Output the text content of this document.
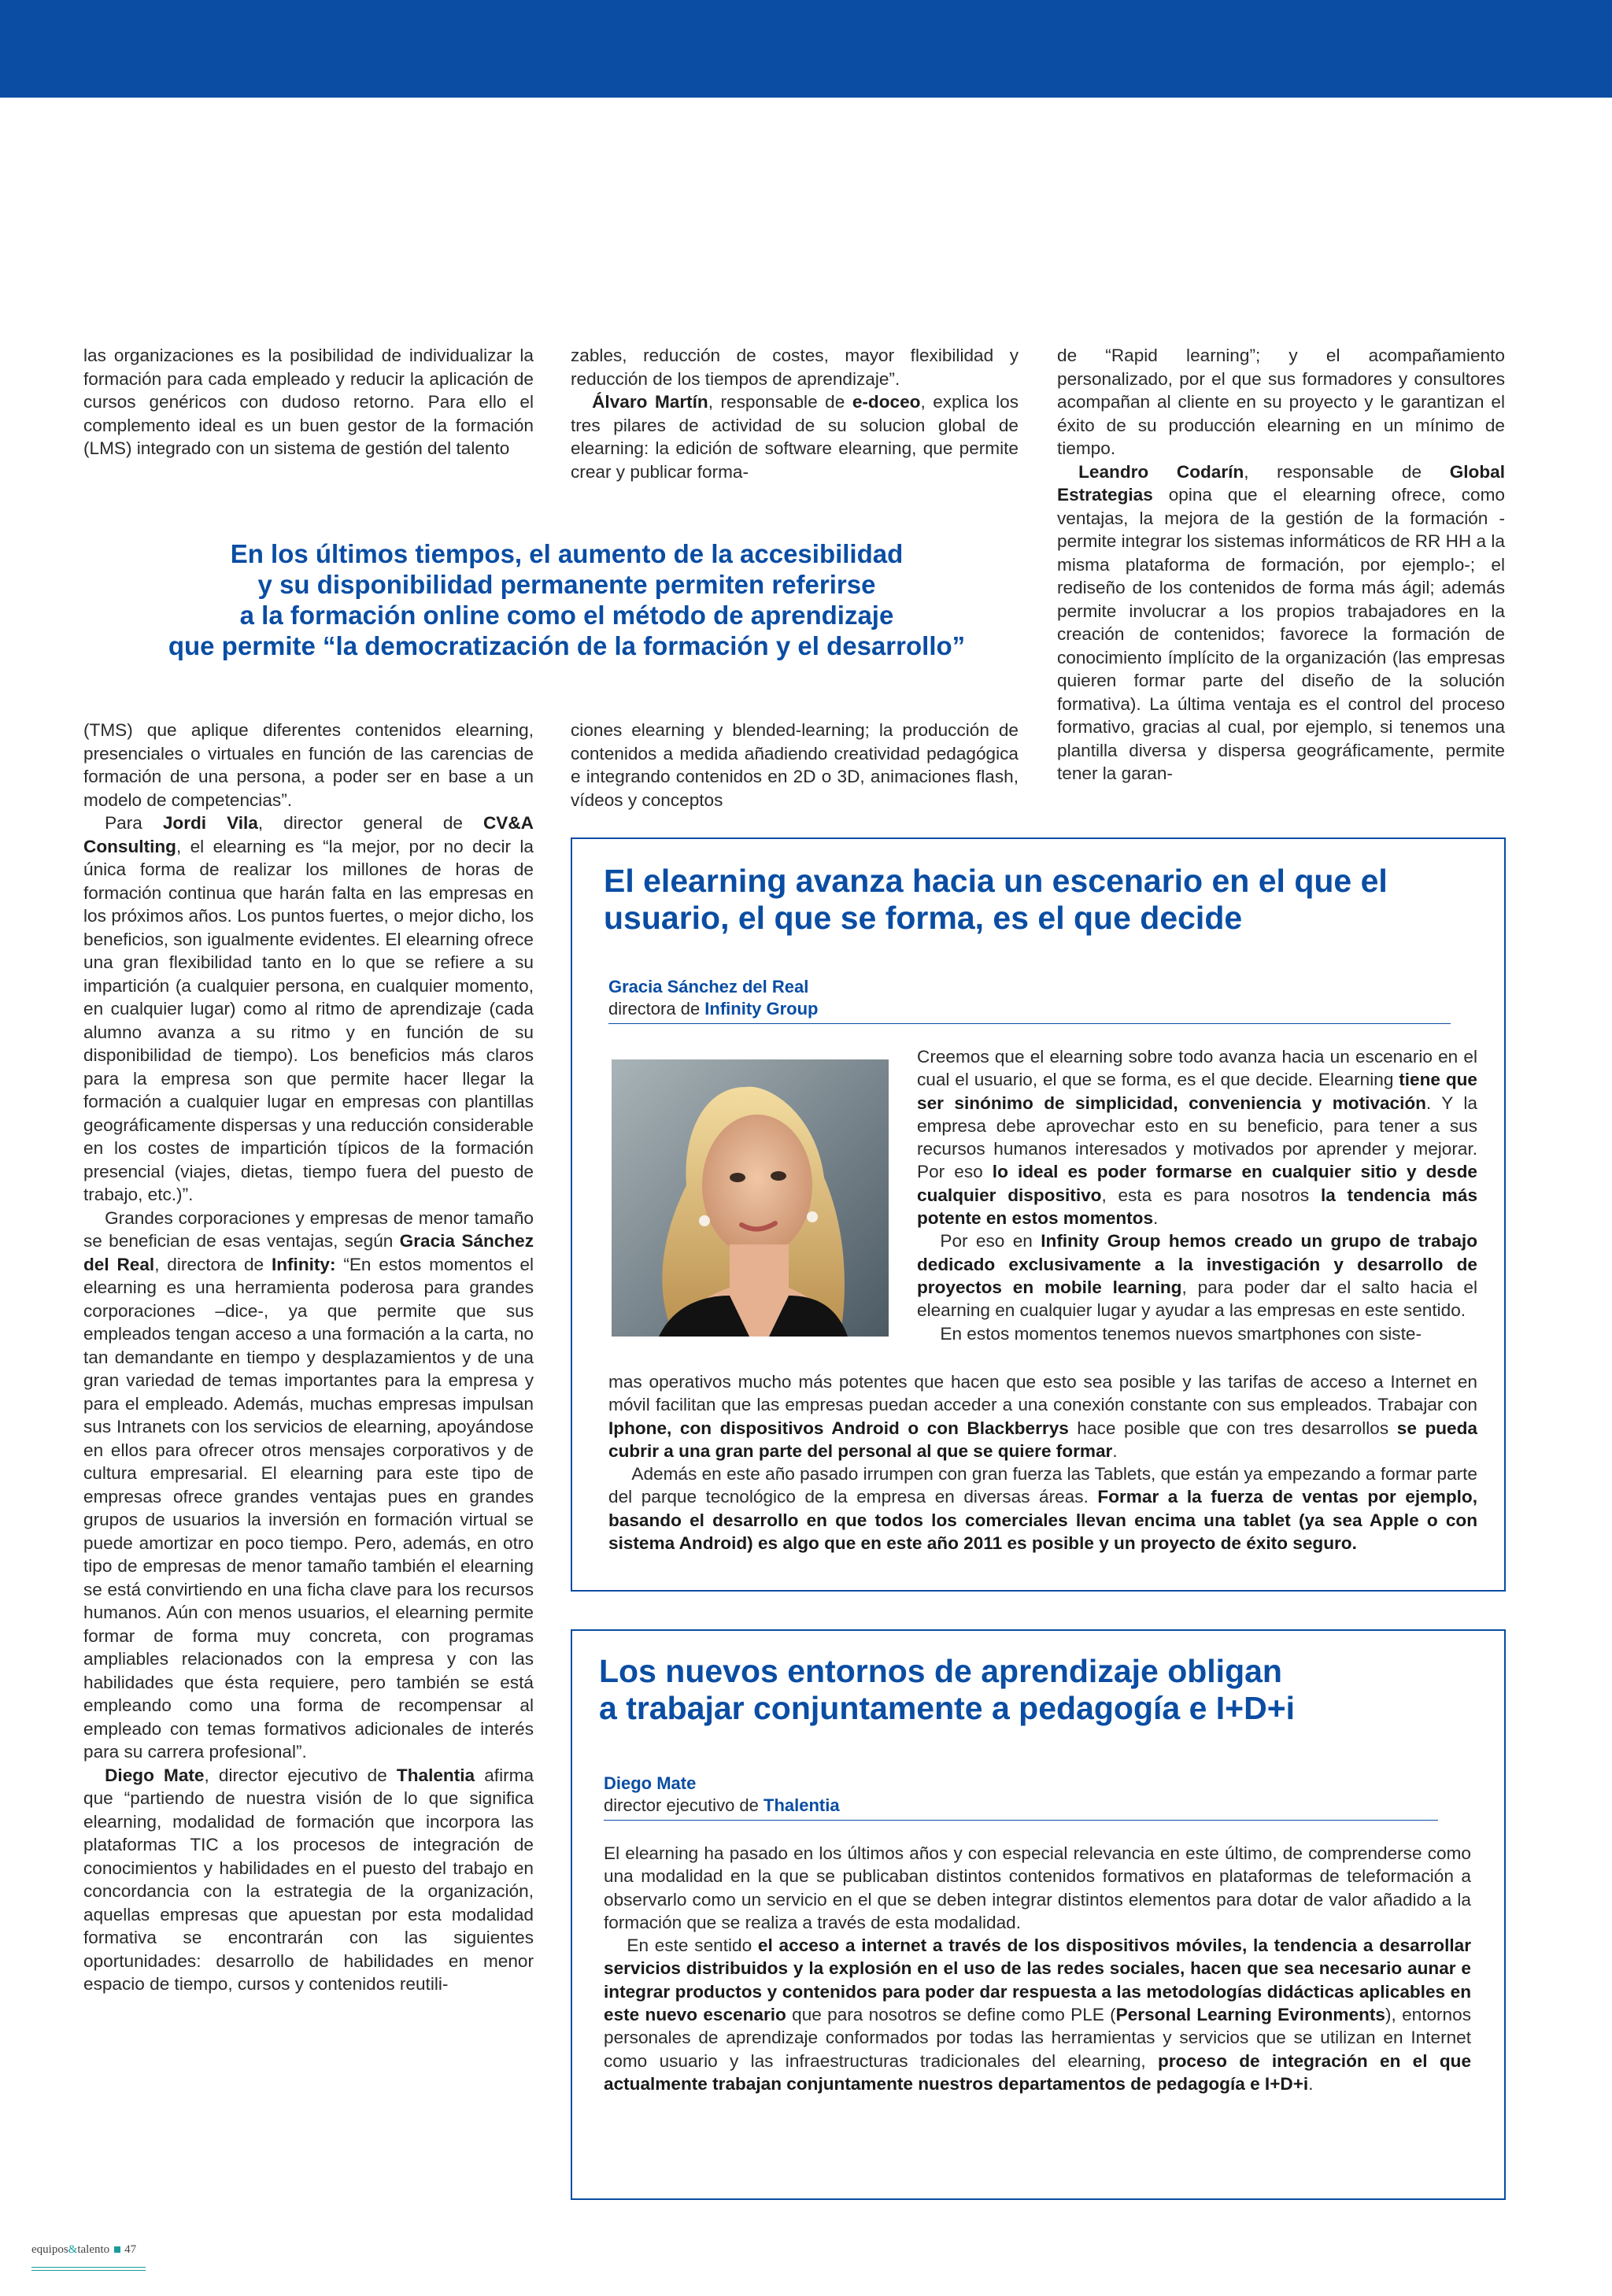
las organizaciones es la posibilidad de individualizar la formación para cada empleado y reducir la aplicación de cursos genéricos con dudoso retorno. Para ello el complemento ideal es un buen gestor de la formación (LMS) integrado con un sistema de gestión del talento

zables, reducción de costes, mayor flexibilidad y reducción de los tiempos de aprendizaje”.

Álvaro Martín, responsable de e-doceo, explica los tres pilares de actividad de su solucion global de elearning: la edición de software elearning, que permite crear y publicar forma-

de “Rapid learning”; y el acompañamiento personalizado, por el que sus formadores y consultores acompañan al cliente en su proyecto y le garantizan el éxito de su producción elearning en un mínimo de tiempo.

Leandro Codarín, responsable de Global Estrategias opina que el elearning ofrece, como ventajas, la mejora de la gestión de la formación -permite integrar los sistemas informáticos de RR HH a la misma plataforma de formación, por ejemplo-; el rediseño de los contenidos de forma más ágil; además permite involucrar a los propios trabajadores en la creación de contenidos; favorece la formación de conocimiento ímplícito de la organización (las empresas quieren formar parte del diseño de la solución formativa). La última ventaja es el control del proceso formativo, gracias al cual, por ejemplo, si tenemos una plantilla diversa y dispersa geográficamente, permite tener la garan-

En los últimos tiempos, el aumento de la accesibilidad
y su disponibilidad permanente permiten referirse
a la formación online como el método de aprendizaje
que permite “la democratización de la formación y el desarrollo”

(TMS) que aplique diferentes contenidos elearning, presenciales o virtuales en función de las carencias de formación de una persona, a poder ser en base a un modelo de competencias”.

Para Jordi Vila, director general de CV&A Consulting, el elearning es “la mejor, por no decir la única forma de realizar los millones de horas de formación continua que harán falta en las empresas en los próximos años. Los puntos fuertes, o mejor dicho, los beneficios, son igualmente evidentes. El elearning ofrece una gran flexibilidad tanto en lo que se refiere a su impartición (a cualquier persona, en cualquier momento, en cualquier lugar) como al ritmo de aprendizaje (cada alumno avanza a su ritmo y en función de su disponibilidad de tiempo). Los beneficios más claros para la empresa son que permite hacer llegar la formación a cualquier lugar en empresas con plantillas geográficamente dispersas y una reducción considerable en los costes de impartición típicos de la formación presencial (viajes, dietas, tiempo fuera del puesto de trabajo, etc.)”.

Grandes corporaciones y empresas de menor tamaño se benefician de esas ventajas, según Gracia Sánchez del Real, directora de Infinity: “En estos momentos el elearning es una herramienta poderosa para grandes corporaciones –dice-, ya que permite que sus empleados tengan acceso a una formación a la carta, no tan demandante en tiempo y desplazamientos y de una gran variedad de temas importantes para la empresa y para el empleado. Además, muchas empresas impulsan sus Intranets con los servicios de elearning, apoyándose en ellos para ofrecer otros mensajes corporativos y de cultura empresarial. El elearning para este tipo de empresas ofrece grandes ventajas pues en grandes grupos de usuarios la inversión en formación virtual se puede amortizar en poco tiempo. Pero, además, en otro tipo de empresas de menor tamaño también el elearning se está convirtiendo en una ficha clave para los recursos humanos. Aún con menos usuarios, el elearning permite formar de forma muy concreta, con programas ampliables relacionados con la empresa y con las habilidades que ésta requiere, pero también se está empleando como una forma de recompensar al empleado con temas formativos adicionales de interés para su carrera profesional”.

Diego Mate, director ejecutivo de Thalentia afirma que “partiendo de nuestra visión de lo que significa elearning, modalidad de formación que incorpora las plataformas TIC a los procesos de integración de conocimientos y habilidades en el puesto del trabajo en concordancia con la estrategia de la organización, aquellas empresas que apuestan por esta modalidad formativa se encontrarán con las siguientes oportunidades: desarrollo de habilidades en menor espacio de tiempo, cursos y contenidos reutili-

ciones elearning y blended-learning; la producción de contenidos a medida añadiendo creatividad pedagógica e integrando contenidos en 2D o 3D, animaciones flash, vídeos y conceptos

El elearning avanza hacia un escenario en el que el
usuario, el que se forma, es el que decide
Gracia Sánchez del Real
directora de Infinity Group

Creemos que el elearning sobre todo avanza hacia un escenario en el cual el usuario, el que se forma, es el que decide. Elearning tiene que ser sinónimo de simplicidad, conveniencia y motivación. Y la empresa debe aprovechar esto en su beneficio, para tener a sus recursos humanos interesados y motivados por aprender y mejorar. Por eso lo ideal es poder formarse en cualquier sitio y desde cualquier dispositivo, esta es para nosotros la tendencia más potente en estos momentos.

Por eso en Infinity Group hemos creado un grupo de trabajo dedicado exclusivamente a la investigación y desarrollo de proyectos en mobile learning, para poder dar el salto hacia el elearning en cualquier lugar y ayudar a las empresas en este sentido.

En estos momentos tenemos nuevos smartphones con siste-

mas operativos mucho más potentes que hacen que esto sea posible y las tarifas de acceso a Internet en móvil facilitan que las empresas puedan acceder a una conexión constante con sus empleados. Trabajar con Iphone, con dispositivos Android o con Blackberrys hace posible que con tres desarrollos se pueda cubrir a una gran parte del personal al que se quiere formar.

Además en este año pasado irrumpen con gran fuerza las Tablets, que están ya empezando a formar parte del parque tecnológico de la empresa en diversas áreas. Formar a la fuerza de ventas por ejemplo, basando el desarrollo en que todos los comerciales llevan encima una tablet (ya sea Apple o con sistema Android) es algo que en este año 2011 es posible y un proyecto de éxito seguro.

Los nuevos entornos de aprendizaje obligan
a trabajar conjuntamente a pedagogía e I+D+i
Diego Mate
director ejecutivo de Thalentia

El elearning ha pasado en los últimos años y con especial relevancia en este último, de comprenderse como una modalidad en la que se publicaban distintos contenidos formativos en plataformas de teleformación a observarlo como un servicio en el que se deben integrar distintos elementos para dotar de valor añadido a la formación que se realiza a través de esta modalidad.

En este sentido el acceso a internet a través de los dispositivos móviles, la tendencia a desarrollar servicios distribuidos y la explosión en el uso de las redes sociales, hacen que sea necesario aunar e integrar productos y contenidos para poder dar respuesta a las metodologías didácticas aplicables en este nuevo escenario que para nosotros se define como PLE (Personal Learning Evironments), entornos personales de aprendizaje conformados por todas las herramientas y servicios que se utilizan en Internet como usuario y las infraestructuras tradicionales del elearning, proceso de integración en el que actualmente trabajan conjuntamente nuestros departamentos de pedagogía e I+D+i.

equipos&talento 47
